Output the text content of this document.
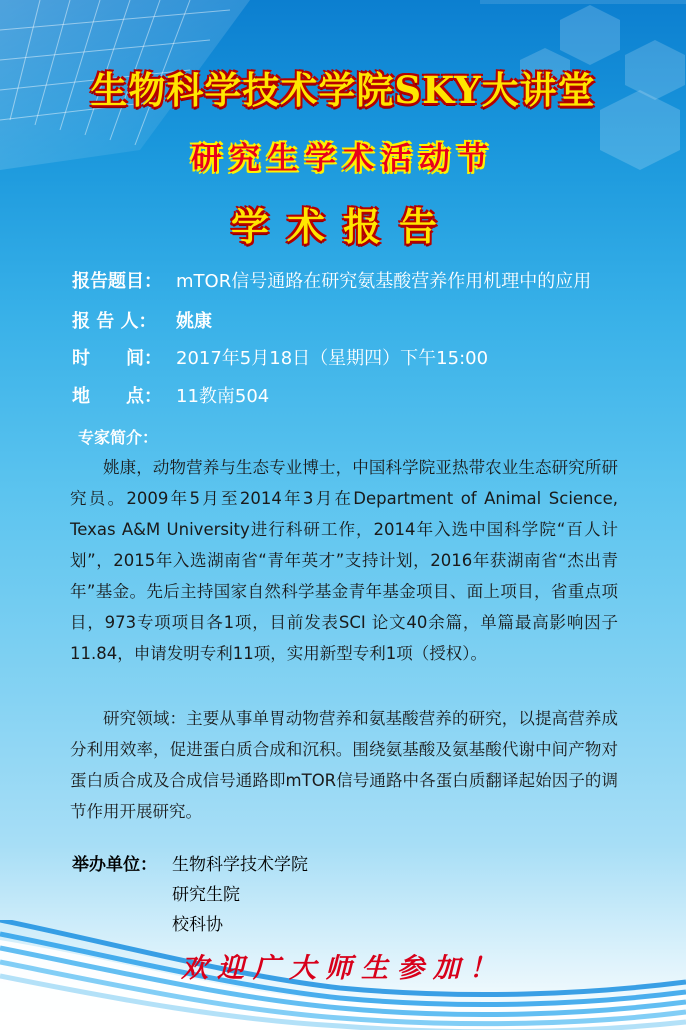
生物科学技术学院SKY大讲堂
研究生学术活动节
学术报告
报告题目： mTOR信号通路在研究氨基酸营养作用机理中的应用
报 告 人： 姚康
时　　间： 2017年5月18日（星期四）下午15:00
地　　点： 11教南504
专家简介：
姚康，动物营养与生态专业博士，中国科学院亚热带农业生态研究所研究员。2009年5月至2014年3月在Department of Animal Science, Texas A&M University进行科研工作，2014年入选中国科学院“百人计划”，2015年入选湖南省“青年英才”支持计划，2016年获湖南省“杰出青年”基金。先后主持国家自然科学基金青年基金项目、面上项目，省重点项目，973专项项目各1项，目前发表SCI 论文40余篇，单篇最高影响因子11.84，申请发明专利11项，实用新型专利1项（授权）。
研究领域：主要从事单胃动物营养和氨基酸营养的研究，以提高营养成分利用效率，促进蛋白质合成和沉积。围绕氨基酸及氨基酸代谢中间产物对蛋白质合成及合成信号通路即mTOR信号通路中各蛋白质翻译起始因子的调节作用开展研究。
举办单位： 生物科学技术学院
研究生院
校科协
欢迎广大师生参加！
